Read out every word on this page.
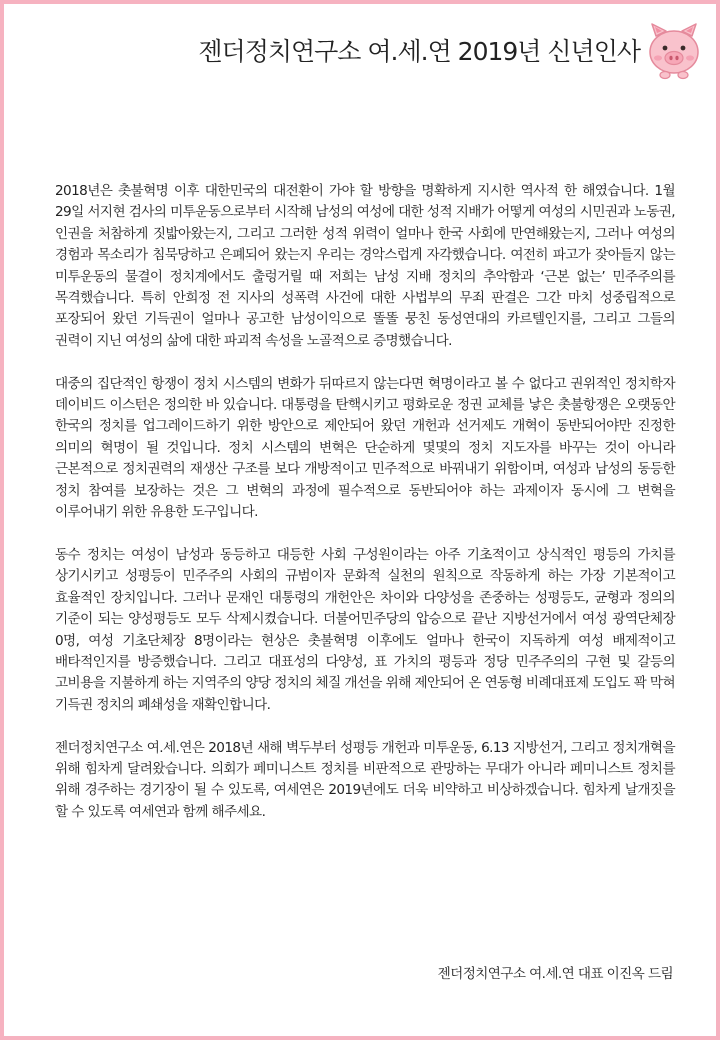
젠더정치연구소 여.세.연 2019년 신년인사

2018년은 촛불혁명 이후 대한민국의 대전환이 가야 할 방향을 명확하게 지시한 역사적 한 해였습니다. 1월 29일 서지현 검사의 미투운동으로부터 시작해 남성의 여성에 대한 성적 지배가 어떻게 여성의 시민권과 노동권, 인권을 처참하게 짓밟아왔는지, 그리고 그러한 성적 위력이 얼마나 한국 사회에 만연해왔는지, 그러나 여성의 경험과 목소리가 침묵당하고 은폐되어 왔는지 우리는 경악스럽게 자각했습니다. 여전히 파고가 잦아들지 않는 미투운동의 물결이 정치계에서도 출렁거릴 때 저희는 남성 지배 정치의 추악함과 ‘근본 없는’ 민주주의를 목격했습니다. 특히 안희정 전 지사의 성폭력 사건에 대한 사법부의 무죄 판결은 그간 마치 성중립적으로 포장되어 왔던 기득권이 얼마나 공고한 남성이익으로 똘똘 뭉친 동성연대의 카르텔인지를, 그리고 그들의 권력이 지닌 여성의 삶에 대한 파괴적 속성을 노골적으로 증명했습니다.

대중의 집단적인 항쟁이 정치 시스템의 변화가 뒤따르지 않는다면 혁명이라고 볼 수 없다고 권위적인 정치학자 데이비드 이스턴은 정의한 바 있습니다. 대통령을 탄핵시키고 평화로운 정권 교체를 낳은 촛불항쟁은 오랫동안 한국의 정치를 업그레이드하기 위한 방안으로 제안되어 왔던 개헌과 선거제도 개혁이 동반되어야만 진정한 의미의 혁명이 될 것입니다. 정치 시스템의 변혁은 단순하게 몇몇의 정치 지도자를 바꾸는 것이 아니라 근본적으로 정치권력의 재생산 구조를 보다 개방적이고 민주적으로 바꿔내기 위함이며, 여성과 남성의 동등한 정치 참여를 보장하는 것은 그 변혁의 과정에 필수적으로 동반되어야 하는 과제이자 동시에 그 변혁을 이루어내기 위한 유용한 도구입니다.

동수 정치는 여성이 남성과 동등하고 대등한 사회 구성원이라는 아주 기초적이고 상식적인 평등의 가치를 상기시키고 성평등이 민주주의 사회의 규범이자 문화적 실천의 원칙으로 작동하게 하는 가장 기본적이고 효율적인 장치입니다. 그러나 문재인 대통령의 개헌안은 차이와 다양성을 존중하는 성평등도, 균형과 정의의 기준이 되는 양성평등도 모두 삭제시켰습니다. 더불어민주당의 압승으로 끝난 지방선거에서 여성 광역단체장 0명, 여성 기초단체장 8명이라는 현상은 촛불혁명 이후에도 얼마나 한국이 지독하게 여성 배제적이고 배타적인지를 방증했습니다. 그리고 대표성의 다양성, 표 가치의 평등과 정당 민주주의의 구현 및 갈등의 고비용을 지불하게 하는 지역주의 양당 정치의 체질 개선을 위해 제안되어 온 연동형 비례대표제 도입도 꽉 막혀 기득권 정치의 폐쇄성을 재확인합니다.

젠더정치연구소 여.세.연은 2018년 새해 벽두부터 성평등 개헌과 미투운동, 6.13 지방선거, 그리고 정치개혁을 위해 힘차게 달려왔습니다. 의회가 페미니스트 정치를 비판적으로 관망하는 무대가 아니라 페미니스트 정치를 위해 경주하는 경기장이 될 수 있도록, 여세연은 2019년에도 더욱 비약하고 비상하겠습니다. 힘차게 날개짓을 할 수 있도록 여세연과 함께 해주세요.

젠더정치연구소 여.세.연 대표 이진옥 드림
